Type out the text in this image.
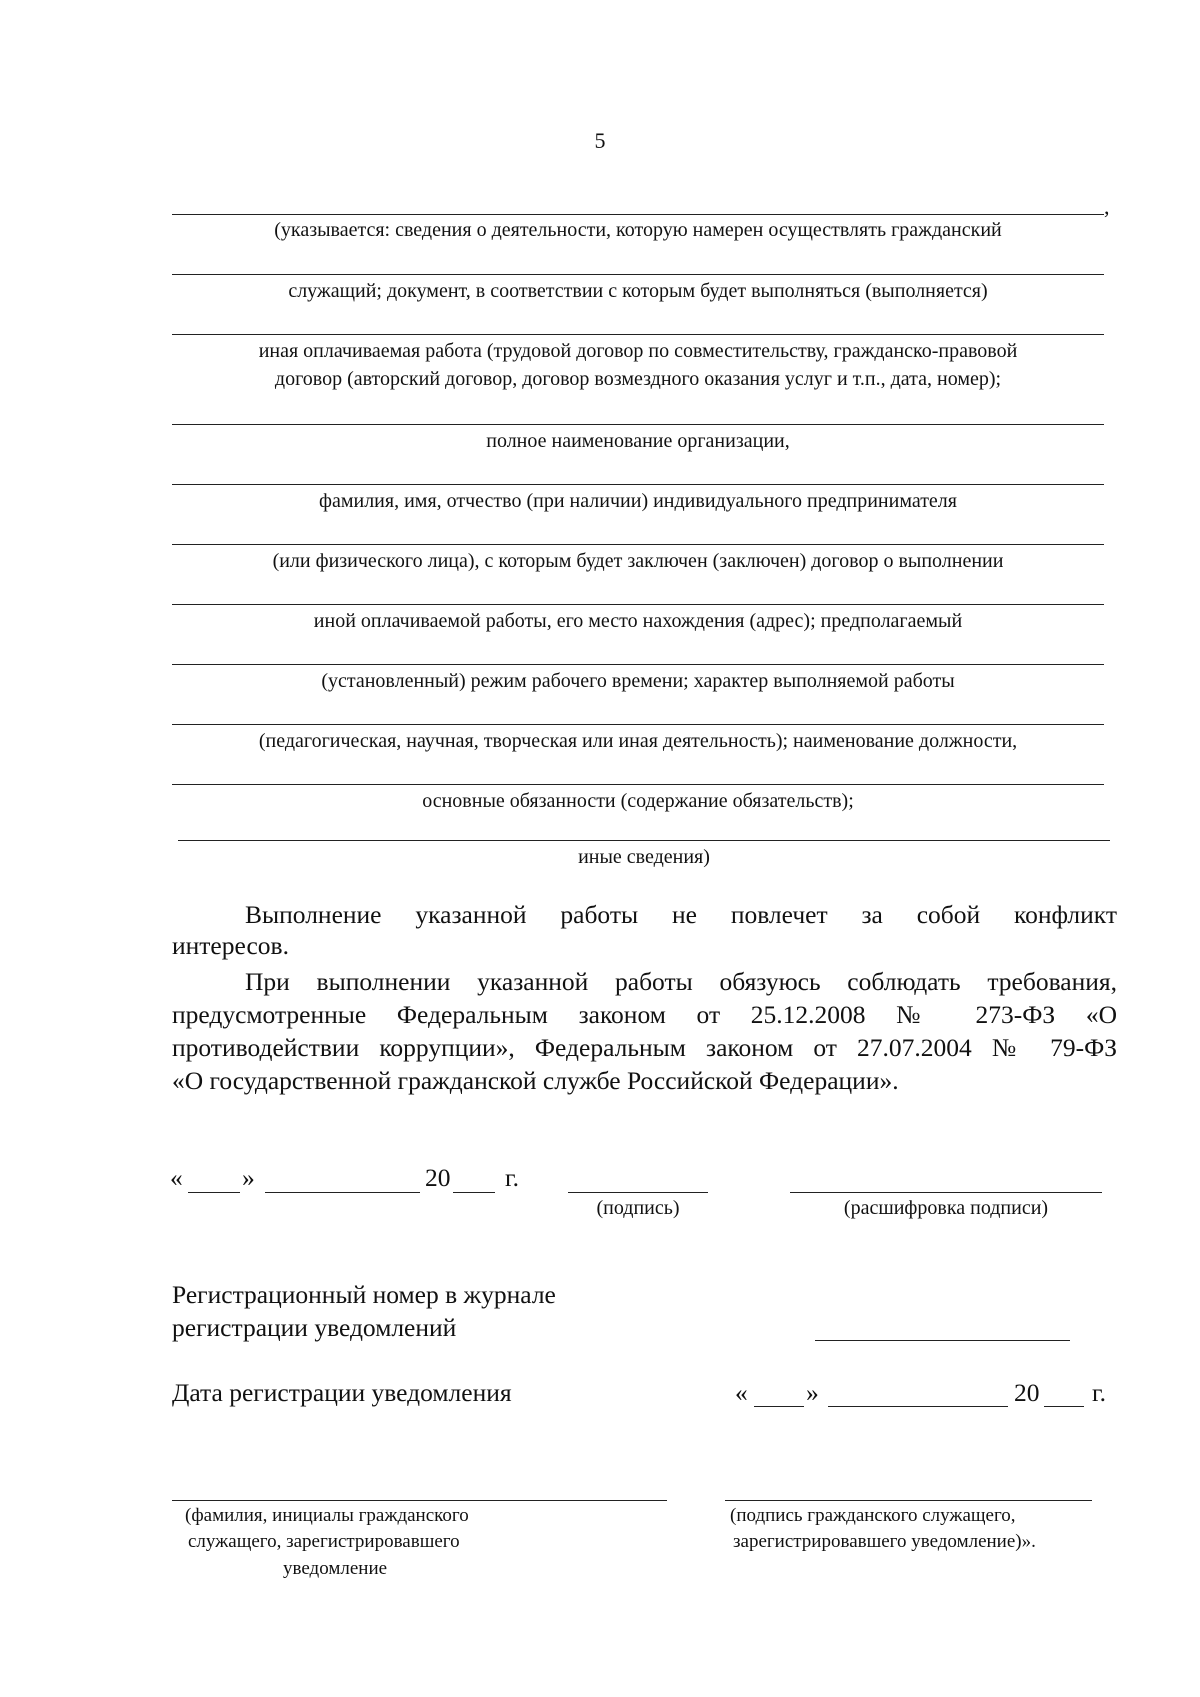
5
,
(указывается: сведения о деятельности, которую намерен осуществлять гражданский
служащий; документ, в соответствии с которым будет выполняться (выполняется)
иная оплачиваемая работа (трудовой договор по совместительству, гражданско-правовой
договор (авторский договор, договор возмездного оказания услуг и т.п., дата, номер);
полное наименование организации,
фамилия, имя, отчество (при наличии) индивидуального предпринимателя
(или физического лица), с которым будет заключен (заключен) договор о выполнении
иной оплачиваемой работы, его место нахождения (адрес); предполагаемый
(установленный) режим рабочего времени; характер выполняемой работы
(педагогическая, научная, творческая или иная деятельность); наименование должности,
основные обязанности (содержание обязательств);
иные сведения)
Выполнение указанной работы не повлечет за собой конфликт
интересов.
При выполнении указанной работы обязуюсь соблюдать требования,
предусмотренные Федеральным законом от 25.12.2008 № 273-ФЗ «О
противодействии коррупции», Федеральным законом от 27.07.2004 № 79-ФЗ
«О государственной гражданской службе Российской Федерации».
« »	20 г.
(подпись)	(расшифровка подписи)
Регистрационный номер в журнале
регистрации уведомлений
Дата регистрации уведомления	« »	20 г.
(фамилия, инициалы гражданского
служащего, зарегистрировавшего
уведомление
(подпись гражданского служащего,
зарегистрировавшего уведомление)».
